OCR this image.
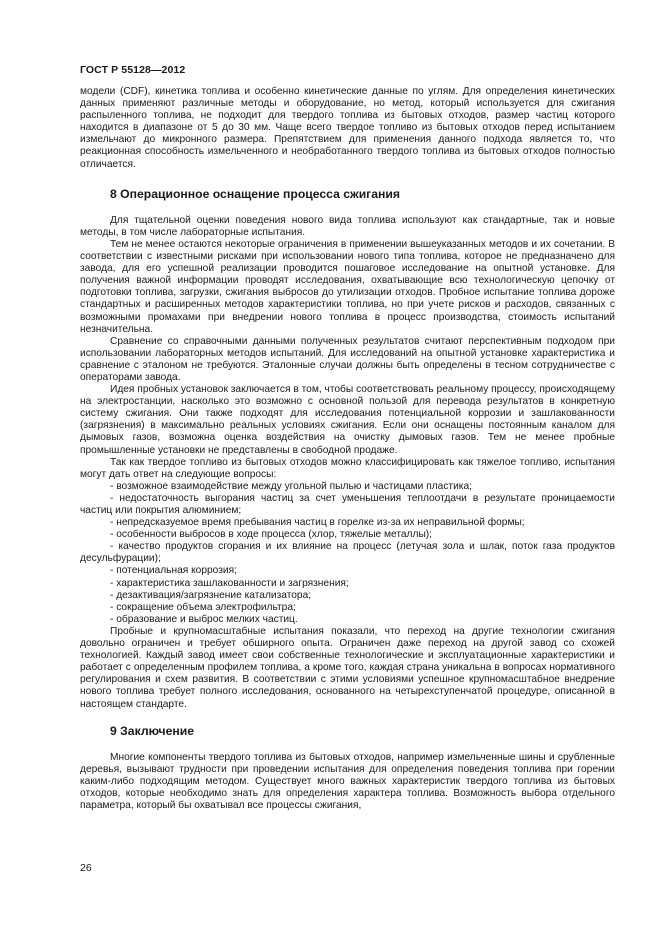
ГОСТ Р 55128—2012

модели (CDF), кинетика топлива и особенно кинетические данные по углям. Для определения кинетических данных применяют различные методы и оборудование, но метод, который используется для сжигания распыленного топлива, не подходит для твердого топлива из бытовых отходов, размер частиц которого находится в диапазоне от 5 до 30 мм. Чаще всего твердое топливо из бытовых отходов перед испытанием измельчают до микронного размера. Препятствием для применения данного подхода является то, что реакционная способность измельченного и необработанного твердого топлива из бытовых отходов полностью отличается.

8 Операционное оснащение процесса сжигания

Для тщательной оценки поведения нового вида топлива используют как стандартные, так и новые методы, в том числе лабораторные испытания.

Тем не менее остаются некоторые ограничения в применении вышеуказанных методов и их сочетании. В соответствии с известными рисками при использовании нового типа топлива, которое не предназначено для завода, для его успешной реализации проводится пошаговое исследование на опытной установке. Для получения важной информации проводят исследования, охватывающие всю технологическую цепочку от подготовки топлива, загрузки, сжигания выбросов до утилизации отходов. Пробное испытание топлива дороже стандартных и расширенных методов характеристики топлива, но при учете рисков и расходов, связанных с возможными промахами при внедрении нового топлива в процесс производства, стоимость испытаний незначительна.

Сравнение со справочными данными полученных результатов считают перспективным подходом при использовании лабораторных методов испытаний. Для исследований на опытной установке характеристика и сравнение с эталоном не требуются. Эталонные случаи должны быть определены в тесном сотрудничестве с операторами завода.

Идея пробных установок заключается в том, чтобы соответствовать реальному процессу, происходящему на электростанции, насколько это возможно с основной пользой для перевода результатов в конкретную систему сжигания. Они также подходят для исследования потенциальной коррозии и зашлакованности (загрязнения) в максимально реальных условиях сжигания. Если они оснащены постоянным каналом для дымовых газов, возможна оценка воздействия на очистку дымовых газов. Тем не менее пробные промышленные установки не представлены в свободной продаже.

Так как твердое топливо из бытовых отходов можно классифицировать как тяжелое топливо, испытания могут дать ответ на следующие вопросы:

- возможное взаимодействие между угольной пылью и частицами пластика;

- недостаточность выгорания частиц за счет уменьшения теплоотдачи в результате проницаемости частиц или покрытия алюминием;

- непредсказуемое время пребывания частиц в горелке из-за их неправильной формы;

- особенности выбросов в ходе процесса (хлор, тяжелые металлы);

- качество продуктов сгорания и их влияние на процесс (летучая зола и шлак, поток газа продуктов десульфурации);

- потенциальная коррозия;

- характеристика зашлакованности и загрязнения;

- дезактивация/загрязнение катализатора;

- сокращение объема электрофильтра;

- образование и выброс мелких частиц.

Пробные и крупномасштабные испытания показали, что переход на другие технологии сжигания довольно ограничен и требует обширного опыта. Ограничен даже переход на другой завод со схожей технологией. Каждый завод имеет свои собственные технологические и эксплуатационные характеристики и работает с определенным профилем топлива, а кроме того, каждая страна уникальна в вопросах нормативного регулирования и схем развития. В соответствии с этими условиями успешное крупномасштабное внедрение нового топлива требует полного исследования, основанного на четырехступенчатой процедуре, описанной в настоящем стандарте.

9 Заключение

Многие компоненты твердого топлива из бытовых отходов, например измельченные шины и срубленные деревья, вызывают трудности при проведении испытания для определения поведения топлива при горении каким-либо подходящим методом. Существует много важных характеристик твердого топлива из бытовых отходов, которые необходимо знать для определения характера топлива. Возможность выбора отдельного параметра, который бы охватывал все процессы сжигания,

26
